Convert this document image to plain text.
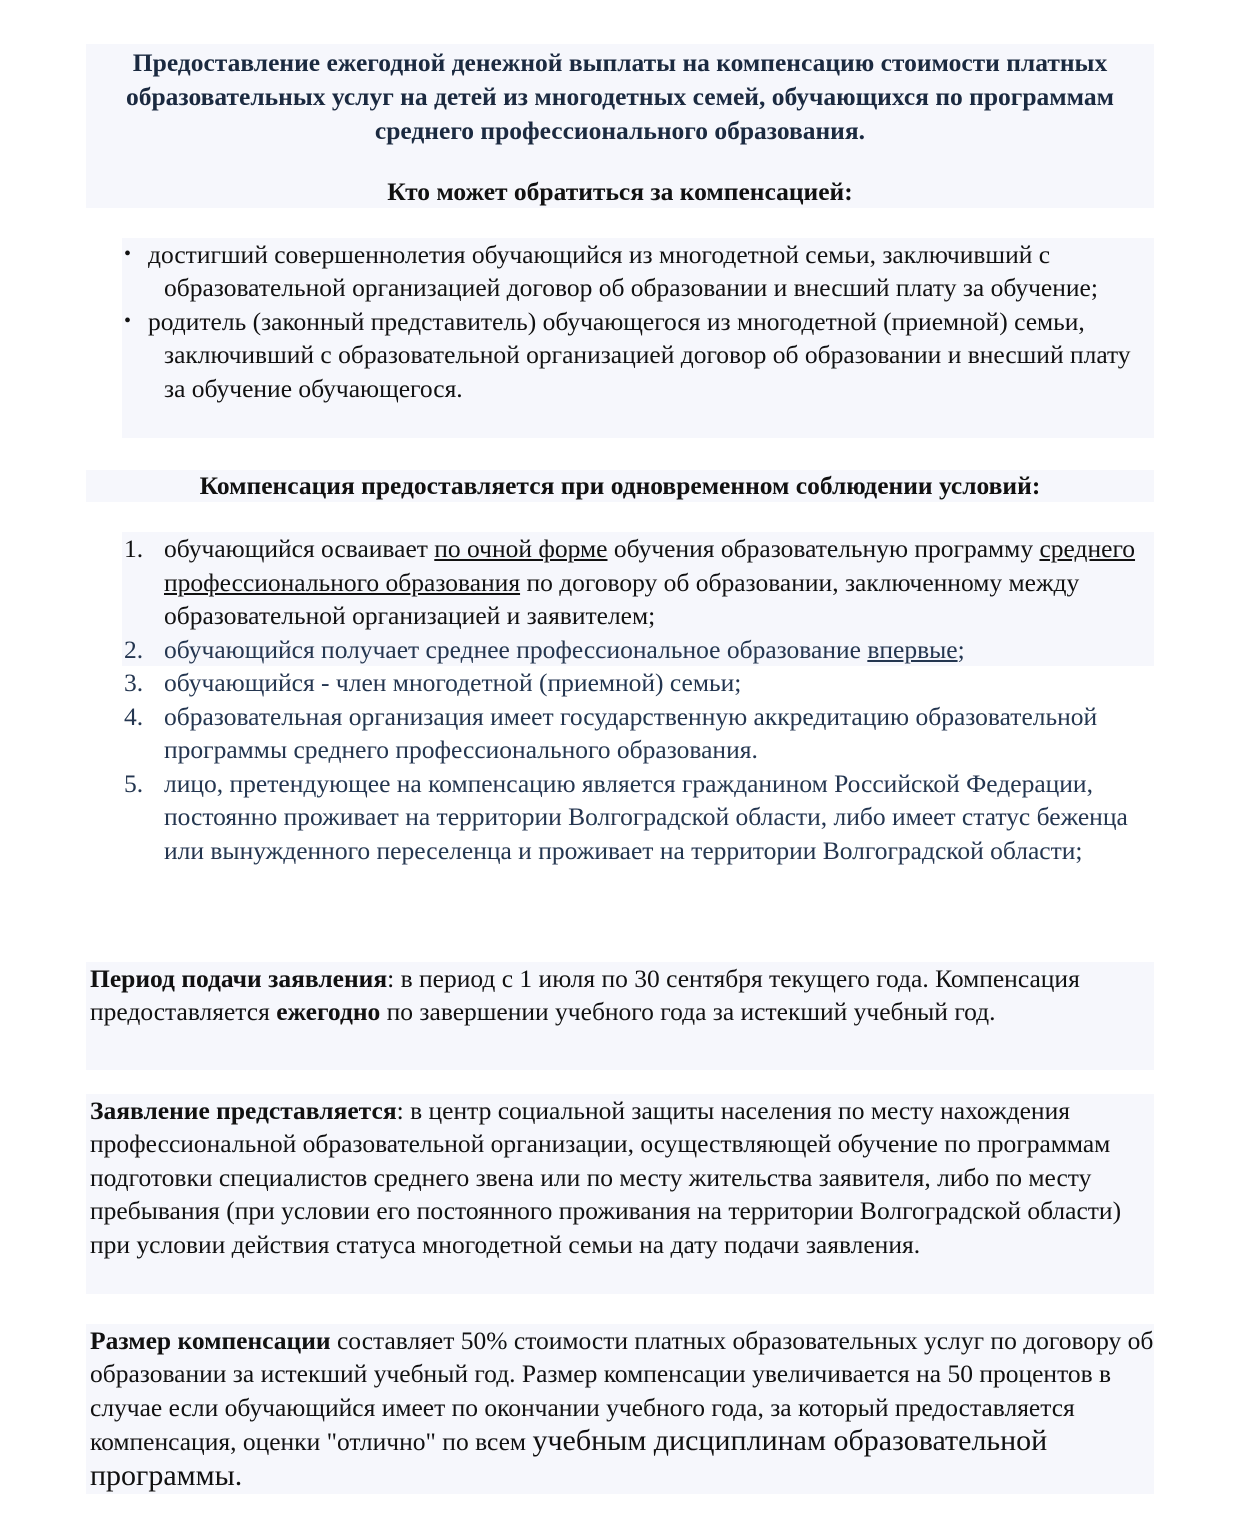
Предоставление ежегодной денежной выплаты на компенсацию стоимости платных образовательных услуг на детей из многодетных семей, обучающихся по программам среднего профессионального образования.

Кто может обратиться за компенсацией:

• достигший совершеннолетия обучающийся из многодетной семьи, заключивший с образовательной организацией договор об образовании и внесший плату за обучение;
• родитель (законный представитель) обучающегося из многодетной (приемной) семьи, заключивший с образовательной организацией договор об образовании и внесший плату за обучение обучающегося.
Компенсация предоставляется при одновременном соблюдении условий:
1. обучающийся осваивает по очной форме обучения образовательную программу среднего профессионального образования по договору об образовании, заключенному между образовательной организацией и заявителем;
2. обучающийся получает среднее профессиональное образование впервые;
3. обучающийся - член многодетной (приемной) семьи;
4. образовательная организация имеет государственную аккредитацию образовательной программы среднего профессионального образования.
5. лицо, претендующее на компенсацию является гражданином Российской Федерации, постоянно проживает на территории Волгоградской области, либо имеет статус беженца или вынужденного переселенца и проживает на территории Волгоградской области;

Период подачи заявления: в период с 1 июля по 30 сентября текущего года. Компенсация предоставляется ежегодно по завершении учебного года за истекший учебный год.

Заявление представляется: в центр социальной защиты населения по месту нахождения профессиональной образовательной организации, осуществляющей обучение по программам подготовки специалистов среднего звена или по месту жительства заявителя, либо по месту пребывания (при условии его постоянного проживания на территории Волгоградской области) при условии действия статуса многодетной семьи на дату подачи заявления.

Размер компенсации составляет 50% стоимости платных образовательных услуг по договору об образовании за истекший учебный год. Размер компенсации увеличивается на 50 процентов в случае если обучающийся имеет по окончании учебного года, за который предоставляется компенсация, оценки "отлично" по всем учебным дисциплинам образовательной программы.
